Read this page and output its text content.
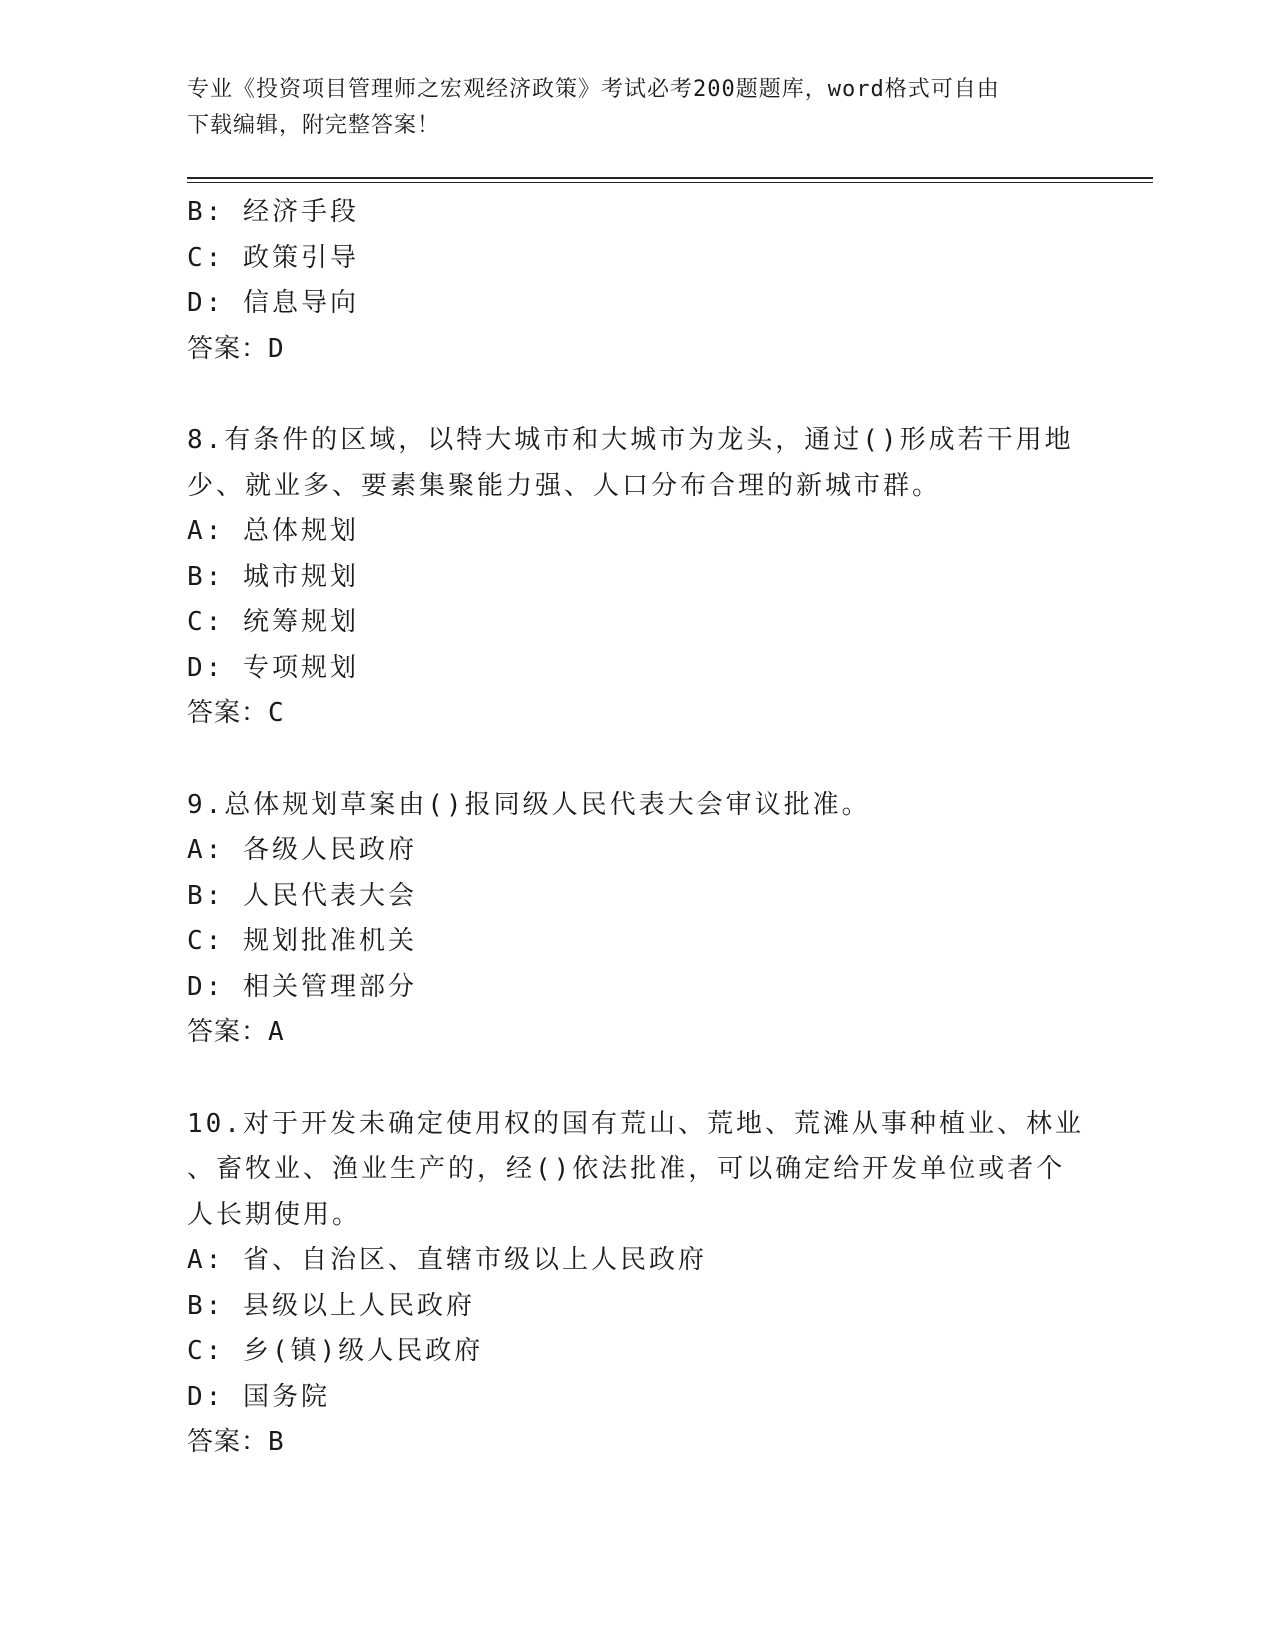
专业《投资项目管理师之宏观经济政策》考试必考200题题库，word格式可自由
下载编辑，附完整答案！
B: 经济手段
C: 政策引导
D: 信息导向
答案：D
8.有条件的区域，以特大城市和大城市为龙头，通过()形成若干用地
少、就业多、要素集聚能力强、人口分布合理的新城市群。
A: 总体规划
B: 城市规划
C: 统筹规划
D: 专项规划
答案：C
9.总体规划草案由()报同级人民代表大会审议批准。
A: 各级人民政府
B: 人民代表大会
C: 规划批准机关
D: 相关管理部分
答案：A
10.对于开发未确定使用权的国有荒山、荒地、荒滩从事种植业、林业
、畜牧业、渔业生产的，经()依法批准，可以确定给开发单位或者个
人长期使用。
A: 省、自治区、直辖市级以上人民政府
B: 县级以上人民政府
C: 乡(镇)级人民政府
D: 国务院
答案：B
